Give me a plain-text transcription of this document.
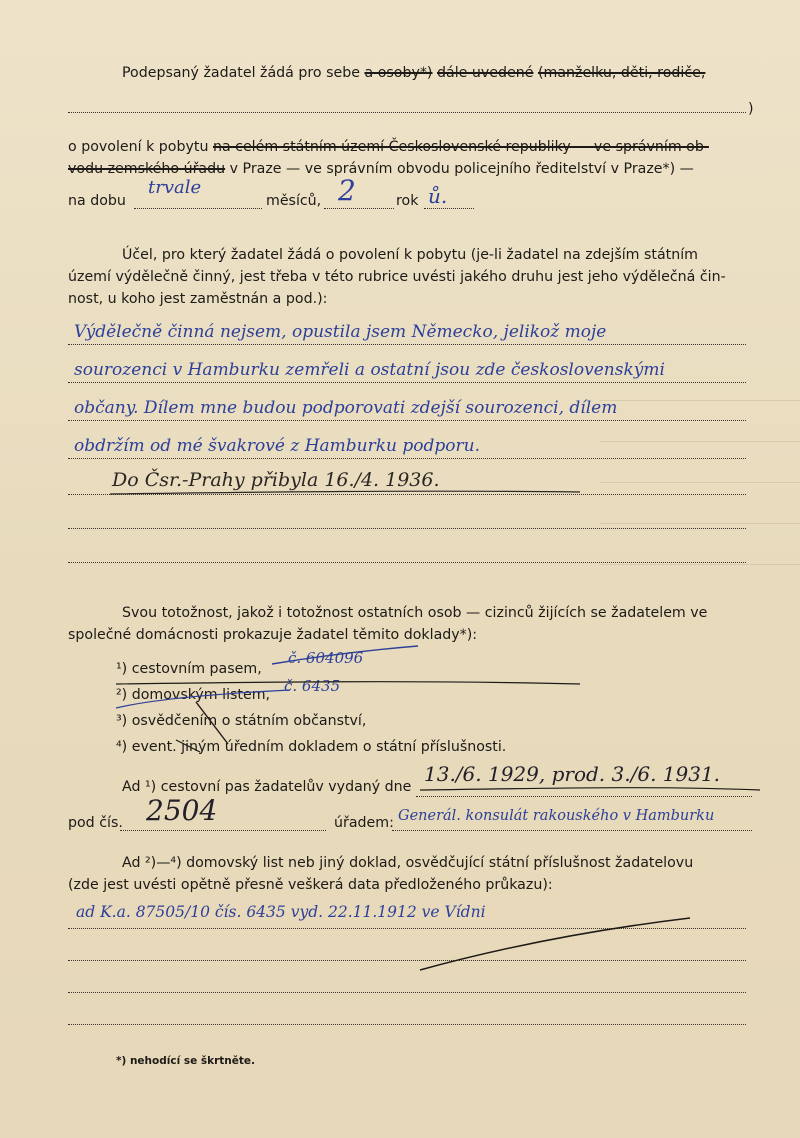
Podepsaný žadatel žádá pro sebe a osoby*) dále uvedené (manželku, děti, rodiče,
)
o povolení k pobytu na celém státním území Československé republiky — ve správním ob-
vodu zemského úřadu v Praze — ve správním obvodu policejního ředitelství v Praze*) —
na dobu
trvale
měsíců, 2	rok ů.
Účel, pro který žadatel žádá o povolení k pobytu (je-li žadatel na zdejším státním
území výdělečně činný, jest třeba v této rubrice uvésti jakého druhu jest jeho výdělečná čin-
nost, u koho jest zaměstnán a pod.):
Výdělečně činná nejsem, opustila jsem Německo, jelikož moje
sourozenci v Hamburku zemřeli a ostatní jsou zde československými
občany. Dílem mne budou podporovati zdejší sourozenci, dílem
obdržím od mé švakrové z Hamburku podporu.
Do Čsr.-Prahy přibyla 16./4. 1936.
Svou totožnost, jakož i totožnost ostatních osob — cizinců žijících se žadatelem ve
společné domácnosti prokazuje žadatel těmito doklady*):
¹) cestovním pasem,
č. 604096
²) domovským listem, č. 6435
³) osvědčením o státním občanství,
⁴) event. jiným úředním dokladem o státní příslušnosti.
Ad ¹) cestovní pas žadatelův vydaný dne
13./6. 1929, prod. 3./6. 1931.
pod čís. 2504	úřadem: Generál. konsulát rakouského v Hamburku
Ad ²)—⁴) domovský list neb jiný doklad, osvědčující státní příslušnost žadatelovu
(zde jest uvésti opětně přesně veškerá data předloženého průkazu):
ad K.a. 87505/10 čís. 6435 vyd. 22.11.1912 ve Vídni
*) nehodící se škrtněte.
